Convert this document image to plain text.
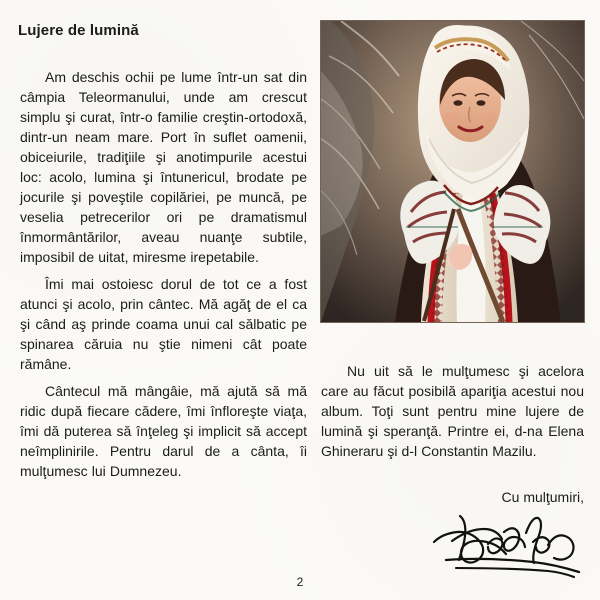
Lujere de lumină

Am deschis ochii pe lume într-un sat din câmpia Teleormanului, unde am crescut simplu şi curat, într-o familie creştin-ortodoxă, dintr-un neam mare. Port în suflet oamenii, obiceiurile, tradiţiile şi anotimpurile acestui loc: acolo, lumina şi întunericul, brodate pe jocurile şi poveştile copilăriei, pe muncă, pe veselia petrecerilor ori pe dramatismul înmormântărilor, aveau nuanţe subtile, imposibil de uitat, miresme irepetabile.

Îmi mai ostoiesc dorul de tot ce a fost atunci şi acolo, prin cântec. Mă agăţ de el ca şi când aş prinde coama unui cal sălbatic pe spinarea căruia nu ştie nimeni cât poate rămâne.

Cântecul mă mângâie, mă ajută să mă ridic după fiecare cădere, îmi înfloreşte viaţa, îmi dă puterea să înţeleg şi implicit să accept neîmplinirile. Pentru darul de a cânta, îi mulţumesc lui Dumnezeu.

Nu uit să le mulţumesc şi acelora care au făcut posibilă apariţia acestui nou album. Toţi sunt pentru mine lujere de lumină şi speranţă. Printre ei, d-na Elena Ghineraru şi d-l Constantin Mazilu.

Cu mulţumiri,
2
